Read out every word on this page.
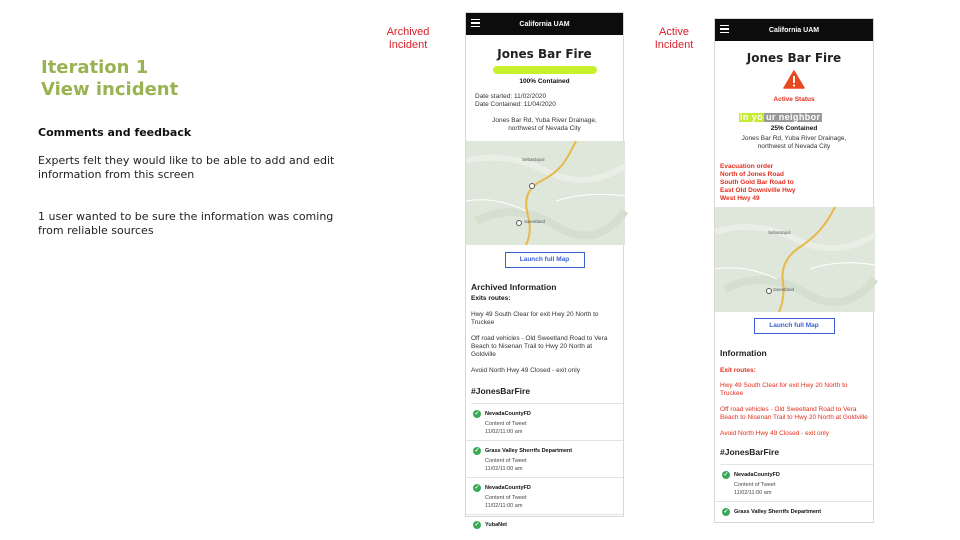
Iteration 1
View incident
Comments and feedback
Experts felt they would like to be able to add and edit information from this screen
1 user wanted to be sure the information was coming from reliable sources
Archived
Incident
Active
Incident
California UAM
Jones Bar Fire
100% Contained
Date started: 11/02/2020
Date Contained: 11/04/2020
Jones Bar Rd, Yuba River Drainage,
northwest of Nevada City
Sebastopol
Sweetland
Launch full Map
Archived Information
Exits routes:
Hwy 49 South Clear for exit Hwy 20 North to Truckee
Off road vehicles - Old Sweetland Road to Vera Beach to Nisenan Trail to Hwy 20 North at Goldville
Avoid North Hwy 49 Closed - exit only
#JonesBarFire
✓ NevadaCountyFD
Content of Tweet
11/02/11:00 am
✓ Grass Valley Sherrifs Department
Content of Tweet
11/02/11:00 am
✓ NevadaCountyFD
Content of Tweet
11/02/11:00 am
✓ YubaNet
California UAM
Jones Bar Fire
Active Status
in yo ur neighbor
25% Contained
Jones Bar Rd, Yuba River Drainage,
northwest of Nevada City
Evacuation order
North of Jones Road
South Gold Bar Road to
East Old Downiville Hwy
West Hwy 49
Sebastopol
Sweetland
Launch full Map
Information
Exit routes:
Hwy 49 South Clear for exit Hwy 20 North to Truckee
Off road vehicles - Old Sweetland Road to Vera Beach to Nisenan Trail to Hwy 20 North at Goldville
Avoid North Hwy 49 Closed - exit only
#JonesBarFire
✓ NevadaCountyFD
Content of Tweet
11/02/11:00 am
✓ Grass Valley Sherrifs Department
